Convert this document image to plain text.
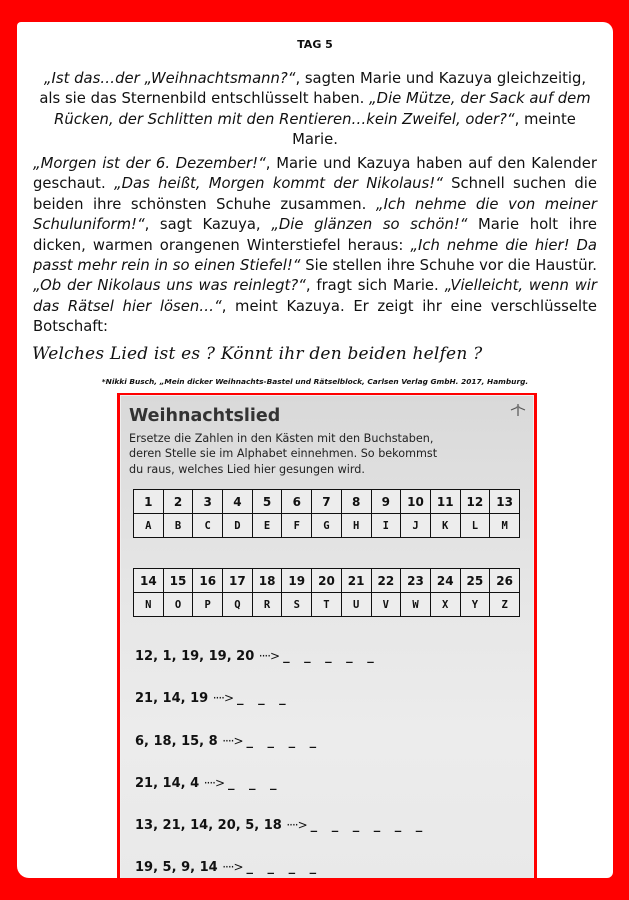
TAG 5
„Ist das…der „Weihnachtsmann?“, sagten Marie und Kazuya gleichzeitig, als sie das Sternenbild entschlüsselt haben. „Die Mütze, der Sack auf dem Rücken, der Schlitten mit den Rentieren…kein Zweifel, oder?“, meinte Marie.
„Morgen ist der 6. Dezember!“, Marie und Kazuya haben auf den Kalender geschaut. „Das heißt, Morgen kommt der Nikolaus!“ Schnell suchen die beiden ihre schönsten Schuhe zusammen. „Ich nehme die von meiner Schuluniform!“, sagt Kazuya, „Die glänzen so schön!“ Marie holt ihre dicken, warmen orangenen Winterstiefel heraus: „Ich nehme die hier! Da passt mehr rein in so einen Stiefel!“ Sie stellen ihre Schuhe vor die Haustür. „Ob der Nikolaus uns was reinlegt?“, fragt sich Marie. „Vielleicht, wenn wir das Rätsel hier lösen…“, meint Kazuya. Er zeigt ihr eine verschlüsselte Botschaft:
Welches Lied ist es ? Könnt ihr den beiden helfen ?
*Nikki Busch, „Mein dicker Weihnachts-Bastel und Rätselblock, Carlsen Verlag GmbH. 2017, Hamburg.
Weihnachtslied
Ersetze die Zahlen in den Kästen mit den Buchstaben, deren Stelle sie im Alphabet einnehmen. So bekommst du raus, welches Lied hier gesungen wird.
1	2	3	4	5	6	7	8	9	10	11	12	13
A	B	C	D	E	F	G	H	I	J	K	L	M
14	15	16	17	18	19	20	21	22	23	24	25	26
N	O	P	Q	R	S	T	U	V	W	X	Y	Z
12, 1, 19, 19, 20 ····> _ _ _ _ _
21, 14, 19 ····> _ _ _
6, 18, 15, 8 ····> _ _ _ _
21, 14, 4 ····> _ _ _
13, 21, 14, 20, 5, 18 ····> _ _ _ _ _ _
19, 5, 9, 14 ····> _ _ _ _
